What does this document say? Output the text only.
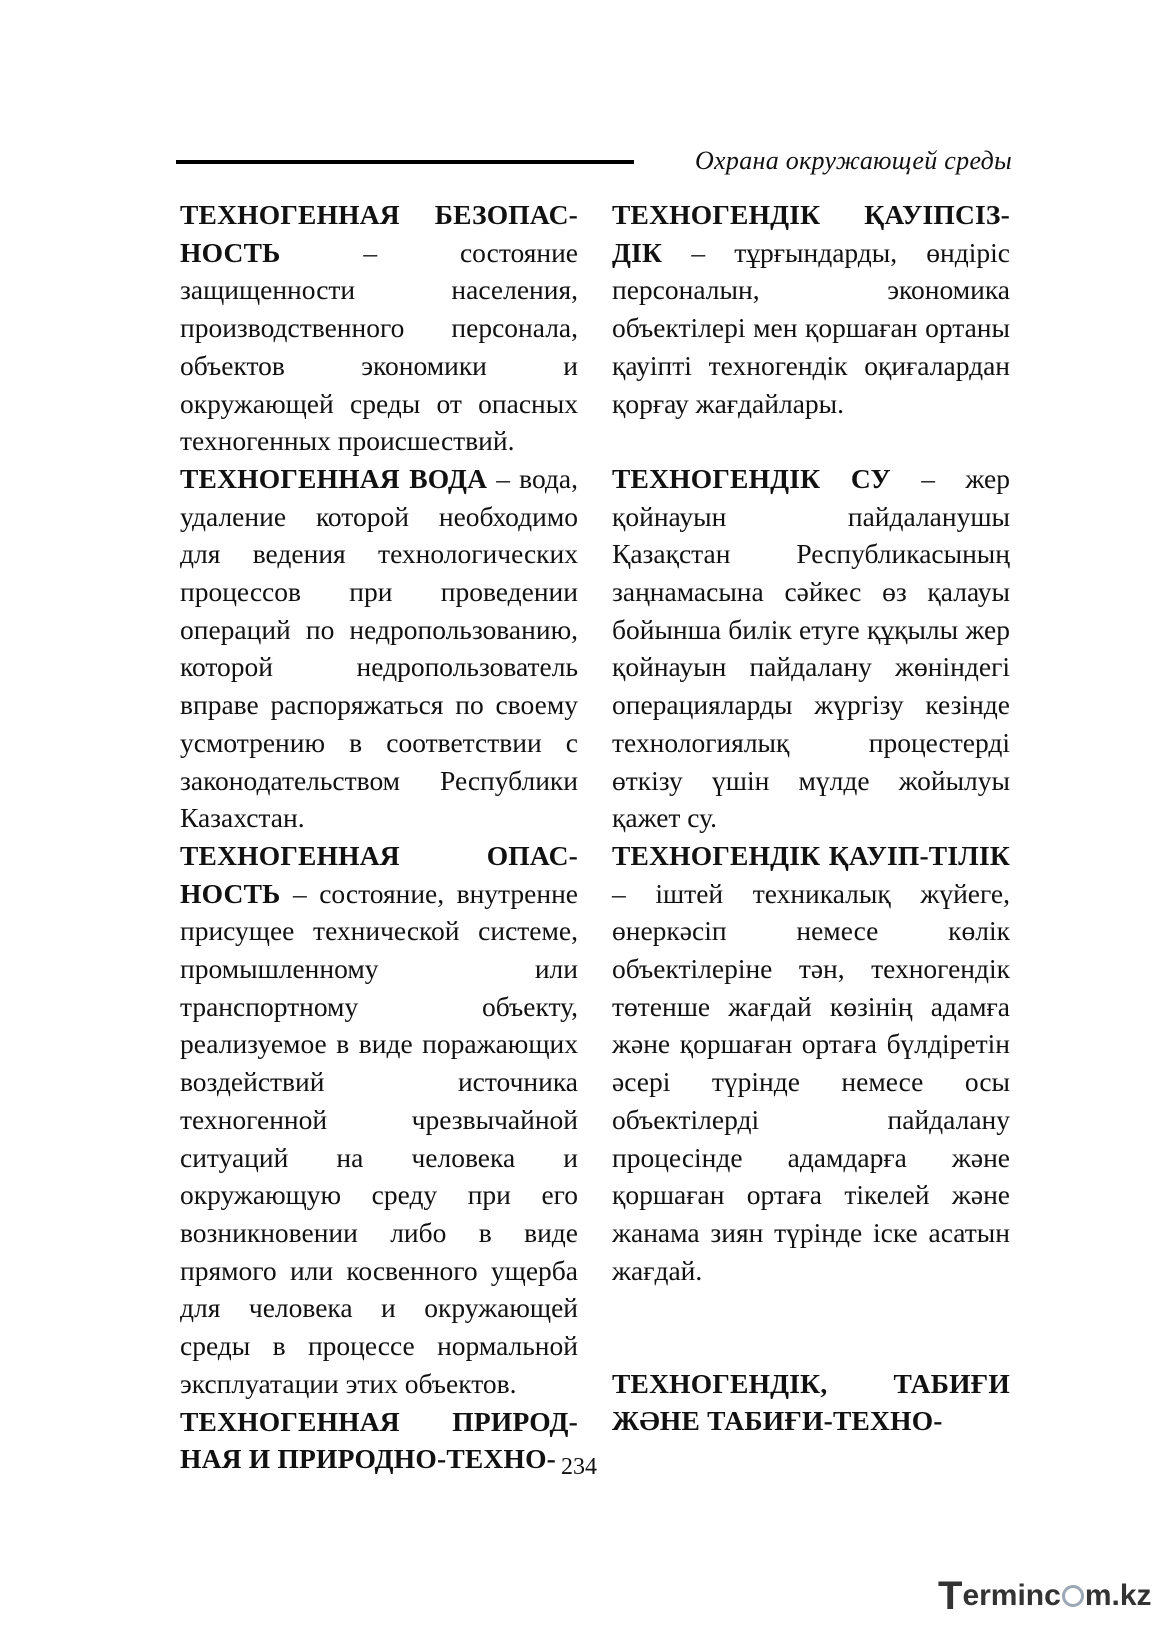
Охрана окружающей среды

ТЕХНОГЕННАЯ БЕЗОПАС-НОСТЬ – состояние защищенности населения, производственного персонала, объектов экономики и окружающей среды от опасных техногенных происшествий.

ТЕХНОГЕННАЯ ВОДА – вода, удаление которой необходимо для ведения технологических процессов при проведении операций по недропользованию, которой недропользователь вправе распоряжаться по своему усмотрению в соответствии с законодательством Республики Казахстан.

ТЕХНОГЕННАЯ ОПАС-НОСТЬ – состояние, внутренне присущее технической системе, промышленному или транспортному объекту, реализуемое в виде поражающих воздействий источника техногенной чрезвычайной ситуаций на человека и окружающую среду при его возникновении либо в виде прямого или косвенного ущерба для человека и окружающей среды в процессе нормальной эксплуатации этих объектов.

ТЕХНОГЕННАЯ ПРИРОД-НАЯ И ПРИРОДНО-ТЕХНО-

ТЕХНОГЕНДІК ҚАУІПСІЗ-ДІК – тұрғындарды, өндіріс персоналын, экономика объектілері мен қоршаған ортаны қауіпті техногендік оқиғалардан қорғау жағдайлары.

ТЕХНОГЕНДІК СУ – жер қойнауын пайдаланушы Қазақстан Республикасының заңнамасына сәйкес өз қалауы бойынша билік етуге құқылы жер қойнауын пайдалану жөніндегі операцияларды жүргізу кезінде технологиялық процестерді өткізу үшін мүлде жойылуы қажет су.

ТЕХНОГЕНДІК ҚАУІП-ТІЛІК – іштей техникалық жүйеге, өнеркәсіп немесе көлік объектілеріне тән, техногендік төтенше жағдай көзінің адамға және қоршаған ортаға бүлдіретін әсері түрінде немесе осы объектілерді пайдалану процесінде адамдарға және қоршаған ортаға тікелей және жанама зиян түрінде іске асатын жағдай.

ТЕХНОГЕНДІК, ТАБИҒИ ЖӘНЕ ТАБИҒИ-ТЕХНО-

234
Terminc m.kz
